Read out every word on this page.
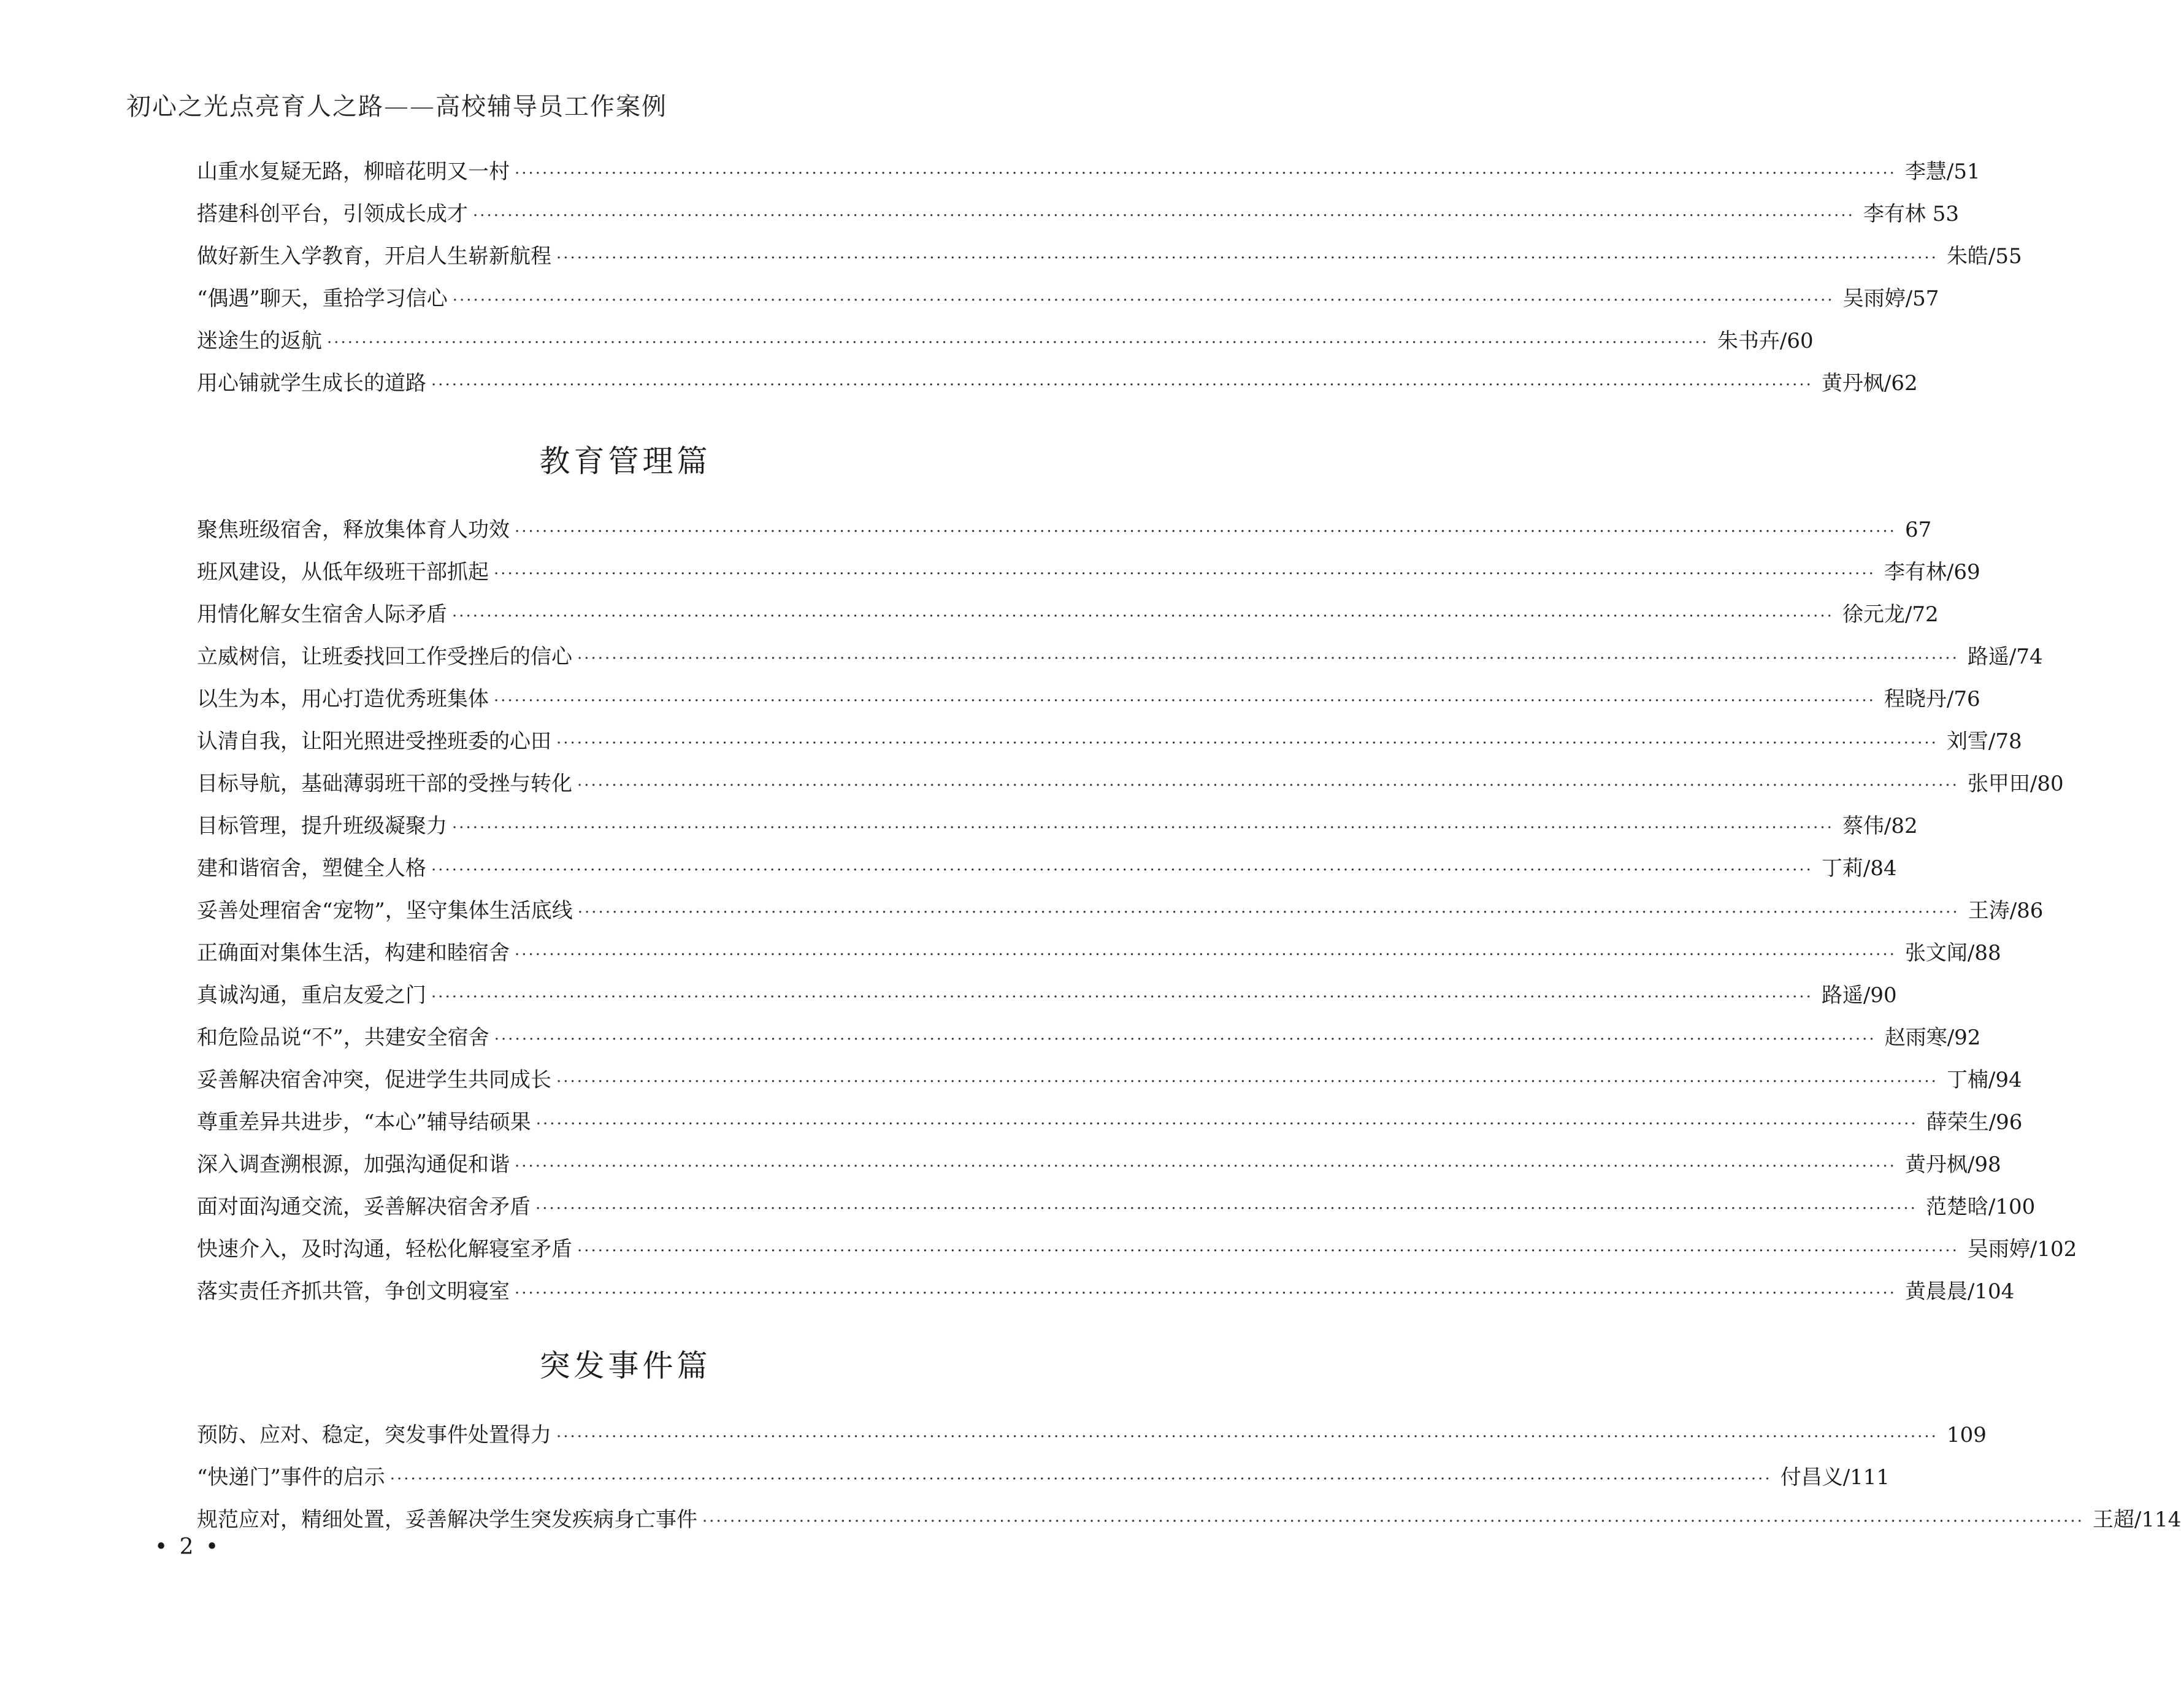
初心之光点亮育人之路——高校辅导员工作案例
山重水复疑无路，柳暗花明又一村 ········································································································································································································ 李慧/51
搭建科创平台，引领成长成才 ········································································································································································································ 李有林 53
做好新生入学教育，开启人生崭新航程 ········································································································································································································ 朱皓/55
“偶遇”聊天，重拾学习信心 ········································································································································································································ 吴雨婷/57
迷途生的返航 ········································································································································································································ 朱书卉/60
用心铺就学生成长的道路 ········································································································································································································ 黄丹枫/62
教育管理篇
聚焦班级宿舍，释放集体育人功效 ········································································································································································································ 67
班风建设，从低年级班干部抓起 ········································································································································································································ 李有林/69
用情化解女生宿舍人际矛盾 ········································································································································································································ 徐元龙/72
立威树信，让班委找回工作受挫后的信心 ········································································································································································································ 路遥/74
以生为本，用心打造优秀班集体 ········································································································································································································ 程晓丹/76
认清自我，让阳光照进受挫班委的心田 ········································································································································································································ 刘雪/78
目标导航，基础薄弱班干部的受挫与转化 ········································································································································································································ 张甲田/80
目标管理，提升班级凝聚力 ········································································································································································································ 蔡伟/82
建和谐宿舍，塑健全人格 ········································································································································································································ 丁莉/84
妥善处理宿舍“宠物”，坚守集体生活底线 ········································································································································································································ 王涛/86
正确面对集体生活，构建和睦宿舍 ········································································································································································································ 张文闻/88
真诚沟通，重启友爱之门 ········································································································································································································ 路遥/90
和危险品说“不”，共建安全宿舍 ········································································································································································································ 赵雨寒/92
妥善解决宿舍冲突，促进学生共同成长 ········································································································································································································ 丁楠/94
尊重差异共进步，“本心”辅导结硕果 ········································································································································································································ 薛荣生/96
深入调查溯根源，加强沟通促和谐 ········································································································································································································ 黄丹枫/98
面对面沟通交流，妥善解决宿舍矛盾 ········································································································································································································ 范楚晗/100
快速介入，及时沟通，轻松化解寝室矛盾 ········································································································································································································ 吴雨婷/102
落实责任齐抓共管，争创文明寝室 ········································································································································································································ 黄晨晨/104
突发事件篇
预防、应对、稳定，突发事件处置得力 ········································································································································································································ 109
“快递门”事件的启示 ········································································································································································································ 付昌义/111
规范应对，精细处置，妥善解决学生突发疾病身亡事件 ········································································································································································································ 王超/114
• 2 •
